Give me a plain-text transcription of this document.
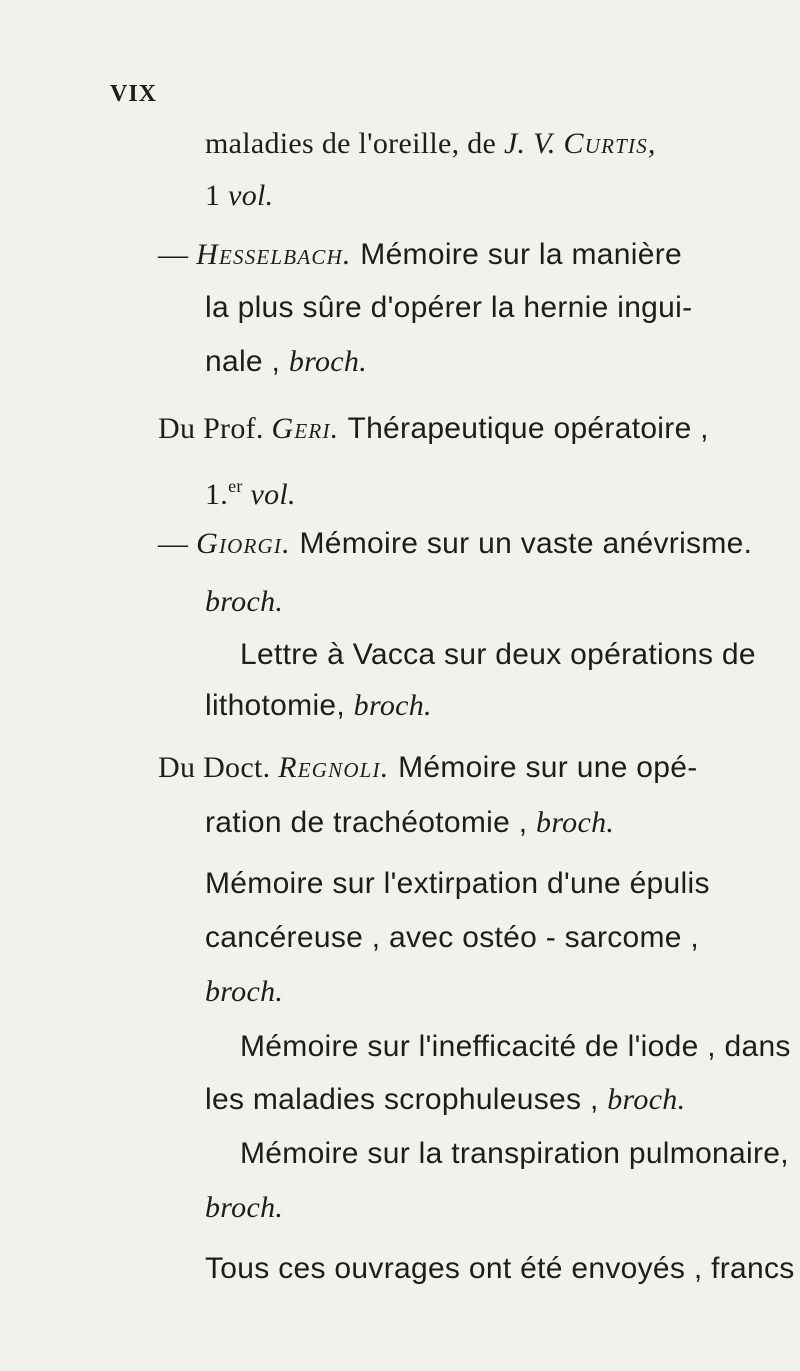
VIX
maladies de l'oreille, de J. V. Curtis,
1 vol.
— Hesselbach. Mémoire sur la manière
la plus sûre d'opérer la hernie ingui-
nale , broch.
Du Prof. Geri. Thérapeutique opératoire ,
1.$^{er}$ vol.
— Giorgi. Mémoire sur un vaste anévrisme.
broch.
Lettre à Vacca sur deux opérations de
lithotomie, broch.
Du Doct. Regnoli. Mémoire sur une opé-
ration de trachéotomie , broch.
Mémoire sur l'extirpation d'une épulis
cancéreuse , avec ostéo - sarcome ,
broch.
Mémoire sur l'inefficacité de l'iode , dans
les maladies scrophuleuses , broch.
Mémoire sur la transpiration pulmonaire,
broch.
Tous ces ouvrages ont été envoyés , francs
